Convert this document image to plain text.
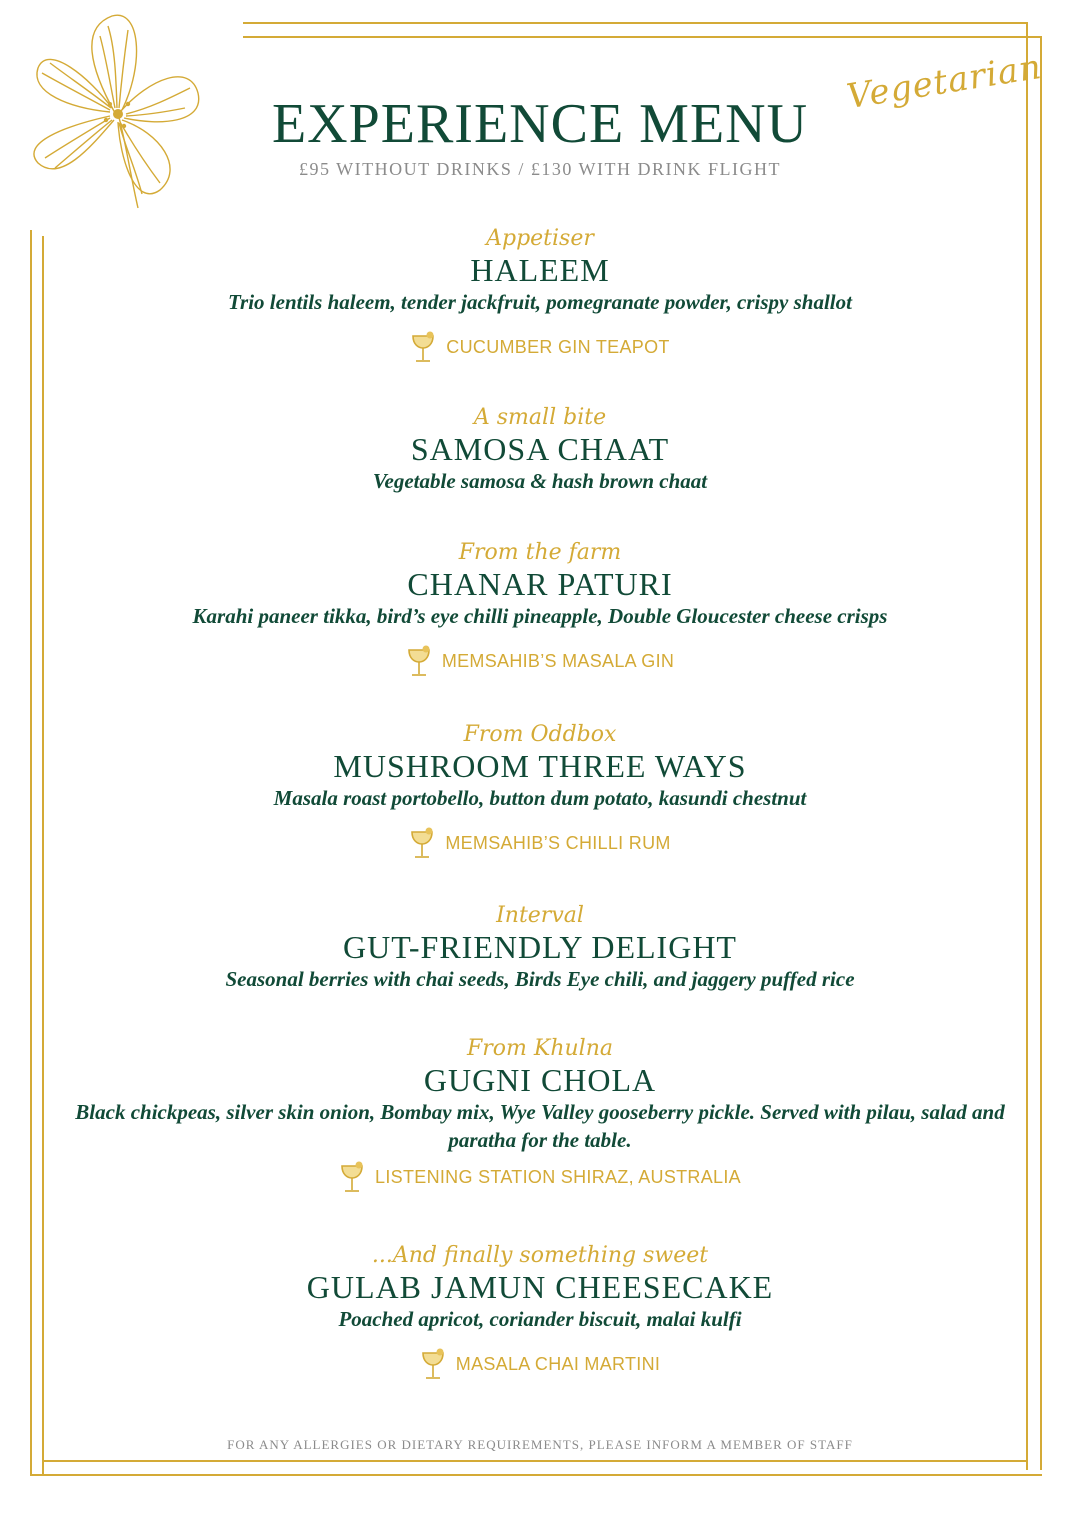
Vegetarian
EXPERIENCE MENU
£95 WITHOUT DRINKS / £130 WITH DRINK FLIGHT
Appetiser
HALEEM
Trio lentils haleem, tender jackfruit, pomegranate powder, crispy shallot
CUCUMBER GIN TEAPOT
A small bite
SAMOSA CHAAT
Vegetable samosa & hash brown chaat
From the farm
CHANAR PATURI
Karahi paneer tikka, bird’s eye chilli pineapple, Double Gloucester cheese crisps
MEMSAHIB’S MASALA GIN
From Oddbox
MUSHROOM THREE WAYS
Masala roast portobello, button dum potato, kasundi chestnut
MEMSAHIB’S CHILLI RUM
Interval
GUT-FRIENDLY DELIGHT
Seasonal berries with chai seeds, Birds Eye chili, and jaggery puffed rice
From Khulna
GUGNI CHOLA
Black chickpeas, silver skin onion, Bombay mix, Wye Valley gooseberry pickle. Served with pilau, salad and paratha for the table.
LISTENING STATION SHIRAZ, AUSTRALIA
...And finally something sweet
GULAB JAMUN CHEESECAKE
Poached apricot, coriander biscuit, malai kulfi
MASALA CHAI MARTINI
FOR ANY ALLERGIES OR DIETARY REQUIREMENTS, PLEASE INFORM A MEMBER OF STAFF
